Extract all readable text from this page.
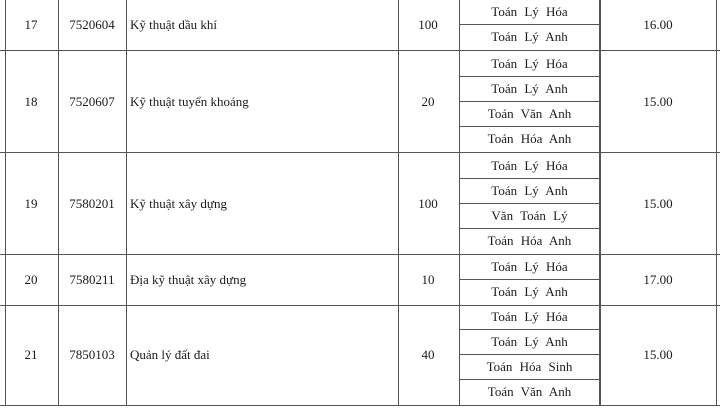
17	7520604	Kỹ thuật dầu khí	100	16.00
Toán Lý Hóa
Toán Lý Anh
18	7520607	Kỹ thuật tuyển khoáng	20	15.00
Toán Lý Hóa
Toán Lý Anh
Toán Văn Anh
Toán Hóa Anh
19	7580201	Kỹ thuật xây dựng	100	15.00
Toán Lý Hóa
Toán Lý Anh
Văn Toán Lý
Toán Hóa Anh
20	7580211	Địa kỹ thuật xây dựng	10	17.00
Toán Lý Hóa
Toán Lý Anh
21	7850103	Quản lý đất đai	40	15.00
Toán Lý Hóa
Toán Lý Anh
Toán Hóa Sinh
Toán Văn Anh
